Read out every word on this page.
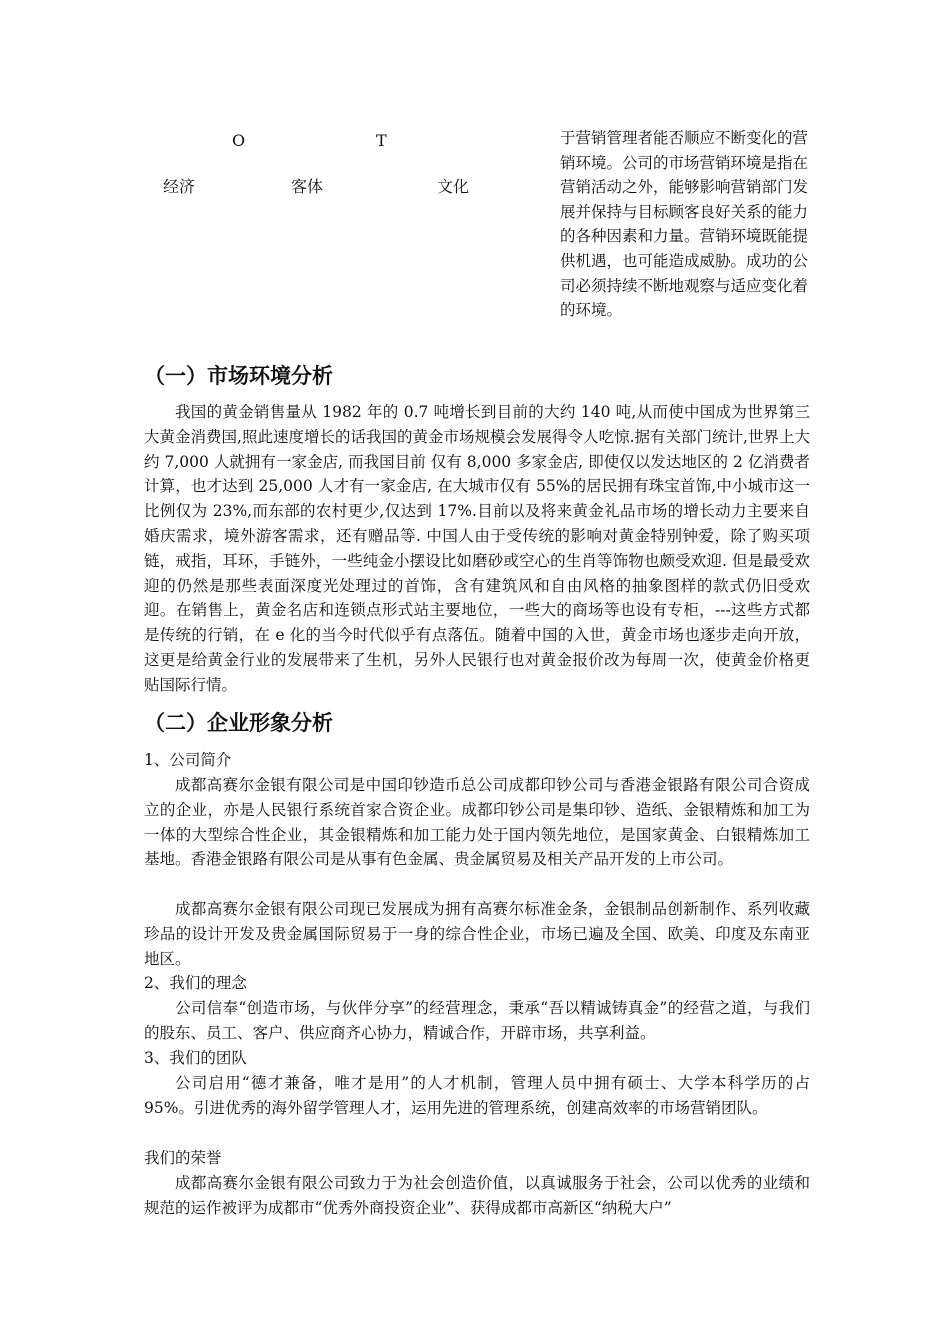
O	T
经济	客体	文化
于营销管理者能否顺应不断变化的营销环境。公司的市场营销环境是指在营销活动之外，能够影响营销部门发展并保持与目标顾客良好关系的能力的各种因素和力量。营销环境既能提供机遇，也可能造成威胁。成功的公司必须持续不断地观察与适应变化着的环境。
（一）市场环境分析
我国的黄金销售量从 1982 年的 0.7 吨增长到目前的大约 140 吨,从而使中国成为世界第三大黄金消费国,照此速度增长的话我国的黄金市场规模会发展得令人吃惊.据有关部门统计,世界上大约 7,000 人就拥有一家金店, 而我国目前 仅有 8,000 多家金店, 即使仅以发达地区的 2 亿消费者计算，也才达到 25,000 人才有一家金店, 在大城市仅有 55%的居民拥有珠宝首饰,中小城市这一比例仅为 23%,而东部的农村更少,仅达到 17%.目前以及将来黄金礼品市场的增长动力主要来自婚庆需求，境外游客需求，还有赠品等. 中国人由于受传统的影响对黄金特别钟爱，除了购买项链，戒指，耳环，手链外，一些纯金小摆设比如磨砂或空心的生肖等饰物也颇受欢迎. 但是最受欢迎的仍然是那些表面深度光处理过的首饰，含有建筑风和自由风格的抽象图样的款式仍旧受欢迎。在销售上，黄金名店和连锁点形式站主要地位，一些大的商场等也设有专柜，---这些方式都是传统的行销，在 e 化的当今时代似乎有点落伍。随着中国的入世，黄金市场也逐步走向开放，这更是给黄金行业的发展带来了生机，另外人民银行也对黄金报价改为每周一次，使黄金价格更贴国际行情。
（二）企业形象分析
1、公司简介
成都高赛尔金银有限公司是中国印钞造币总公司成都印钞公司与香港金银路有限公司合资成立的企业，亦是人民银行系统首家合资企业。成都印钞公司是集印钞、造纸、金银精炼和加工为一体的大型综合性企业，其金银精炼和加工能力处于国内领先地位，是国家黄金、白银精炼加工基地。香港金银路有限公司是从事有色金属、贵金属贸易及相关产品开发的上市公司。
成都高赛尔金银有限公司现已发展成为拥有高赛尔标准金条，金银制品创新制作、系列收藏珍品的设计开发及贵金属国际贸易于一身的综合性企业，市场已遍及全国、欧美、印度及东南亚地区。
2、我们的理念
公司信奉“创造市场，与伙伴分享”的经营理念，秉承“吾以精诚铸真金”的经营之道，与我们的股东、员工、客户、供应商齐心协力，精诚合作，开辟市场，共享利益。
3、我们的团队
公司启用“德才兼备，唯才是用”的人才机制，管理人员中拥有硕士、大学本科学历的占 95%。引进优秀的海外留学管理人才，运用先进的管理系统，创建高效率的市场营销团队。
我们的荣誉
成都高赛尔金银有限公司致力于为社会创造价值，以真诚服务于社会，公司以优秀的业绩和规范的运作被评为成都市“优秀外商投资企业”、获得成都市高新区“纳税大户”
